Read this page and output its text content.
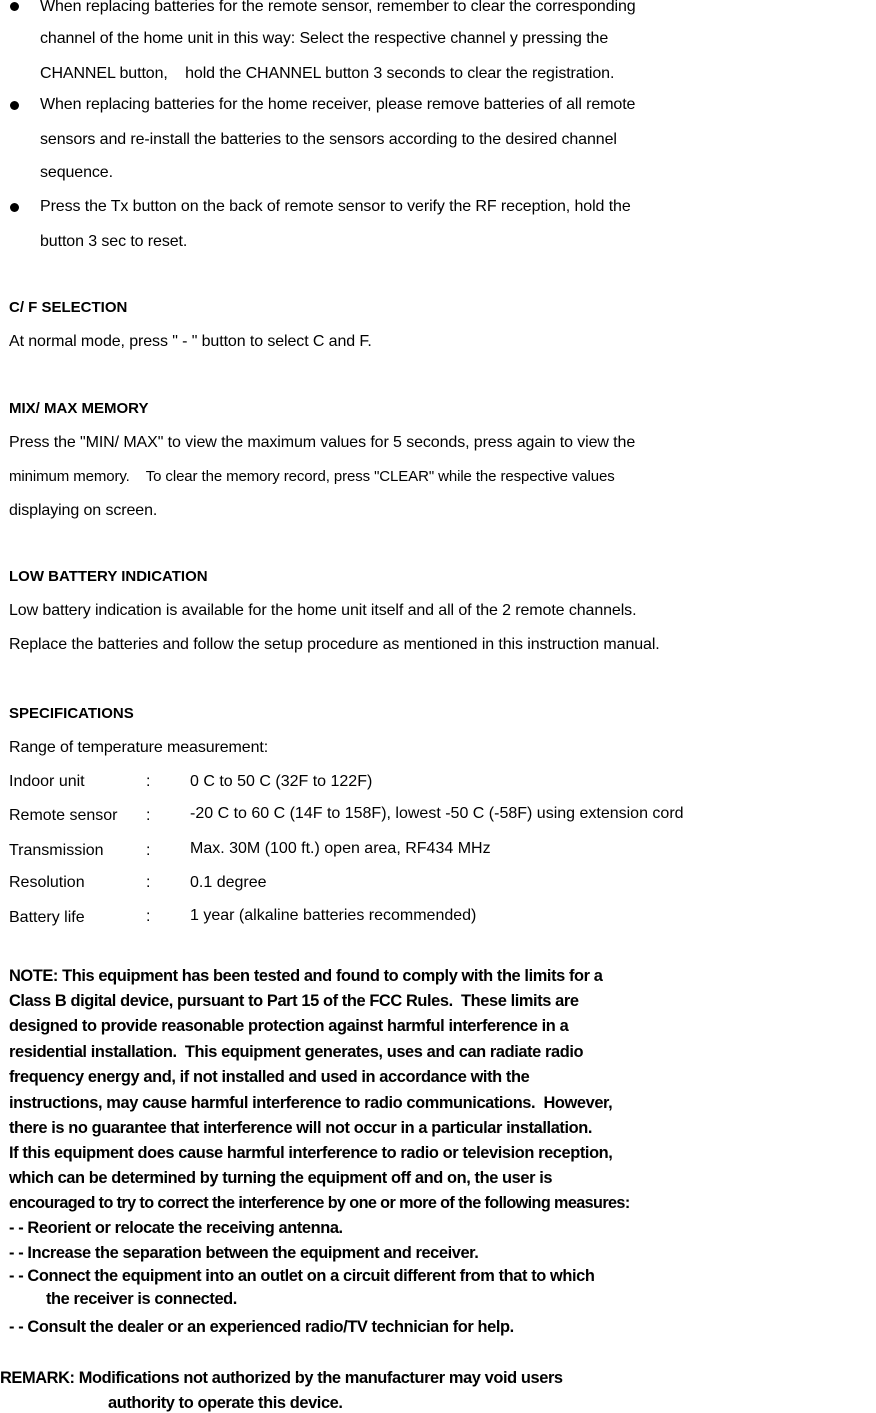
When replacing batteries for the remote sensor, remember to clear the corresponding
channel of the home unit in this way: Select the respective channel y pressing the
CHANNEL button,    hold the CHANNEL button 3 seconds to clear the registration.
When replacing batteries for the home receiver, please remove batteries of all remote
sensors and re-install the batteries to the sensors according to the desired channel
sequence.
Press the Tx button on the back of remote sensor to verify the RF reception, hold the
button 3 sec to reset.
C/ F SELECTION
At normal mode, press " - " button to select C and F.
MIX/ MAX MEMORY
Press the "MIN/ MAX" to view the maximum values for 5 seconds, press again to view the
minimum memory.    To clear the memory record, press "CLEAR" while the respective values
displaying on screen.
LOW BATTERY INDICATION
Low battery indication is available for the home unit itself and all of the 2 remote channels.
Replace the batteries and follow the setup procedure as mentioned in this instruction manual.
SPECIFICATIONS
Range of temperature measurement:
Indoor unit	: 0 C to 50 C (32F to 122F)
Remote sensor : -20 C to 60 C (14F to 158F), lowest -50 C (-58F) using extension cord
Transmission	: Max. 30M (100 ft.) open area, RF434 MHz
Resolution	: 0.1 degree
Battery life	: 1 year (alkaline batteries recommended)
NOTE: This equipment has been tested and found to comply with the limits for a
Class B digital device, pursuant to Part 15 of the FCC Rules.  These limits are
designed to provide reasonable protection against harmful interference in a
residential installation.  This equipment generates, uses and can radiate radio
frequency energy and, if not installed and used in accordance with the
instructions, may cause harmful interference to radio communications.  However,
there is no guarantee that interference will not occur in a particular installation.
If this equipment does cause harmful interference to radio or television reception,
which can be determined by turning the equipment off and on, the user is
encouraged to try to correct the interference by one or more of the following measures:
- - Reorient or relocate the receiving antenna.
- - Increase the separation between the equipment and receiver.
- - Connect the equipment into an outlet on a circuit different from that to which
the receiver is connected.
- - Consult the dealer or an experienced radio/TV technician for help.
REMARK: Modifications not authorized by the manufacturer may void users
authority to operate this device.
